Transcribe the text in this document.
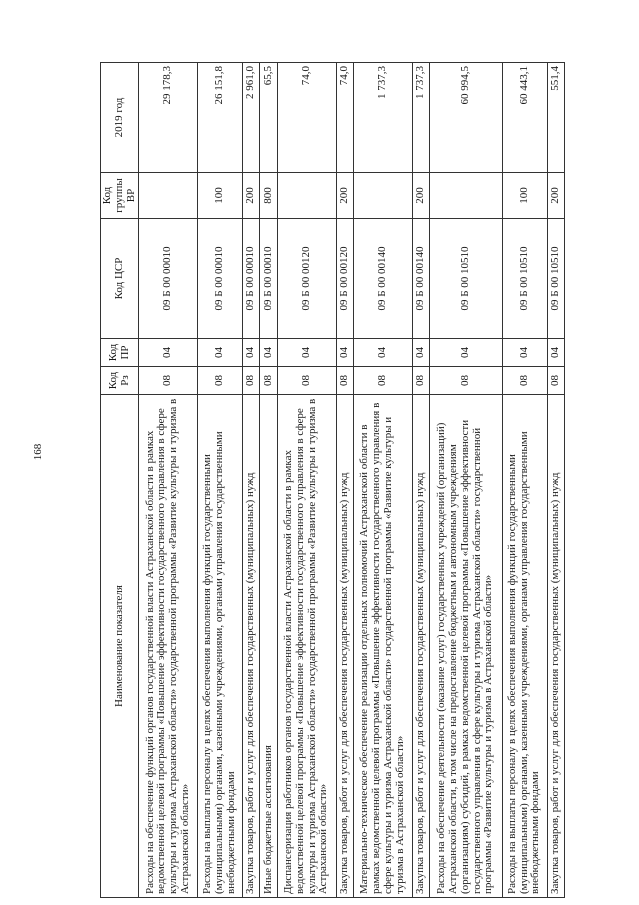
168
Наименование показателя	Код Рз	Код ПР	Код ЦСР	Код группы ВР	2019 год
Расходы на обеспечение функций органов государственной власти Астраханской области в рамках ведомственной целевой программы «Повышение эффективности государственного управления в сфере культуры и туризма Астраханской области» государственной программы «Развитие культуры и туризма в Астраханской области»	08	04	09 Б 00 00010		29 178,3
Расходы на выплаты персоналу в целях обеспечения выполнения функций государственными (муниципальными) органами, казенными учреждениями, органами управления государственными внебюджетными фондами	08	04	09 Б 00 00010	100	26 151,8
Закупка товаров, работ и услуг для обеспечения государственных (муниципальных) нужд	08	04	09 Б 00 00010	200	2 961,0
Иные бюджетные ассигнования	08	04	09 Б 00 00010	800	65,5
Диспансеризация работников органов государственной власти Астраханской области в рамках ведомственной целевой программы «Повышение эффективности государственного управления в сфере культуры и туризма Астраханской области» государственной программы «Развитие культуры и туризма в Астраханской области»	08	04	09 Б 00 00120		74,0
Закупка товаров, работ и услуг для обеспечения государственных (муниципальных) нужд	08	04	09 Б 00 00120	200	74,0
Материально-техническое обеспечение реализации отдельных полномочий Астраханской области в рамках ведомственной целевой программы «Повышение эффективности государственного управления в сфере культуры и туризма Астраханской области» государственной программы «Развитие культуры и туризма в Астраханской области»	08	04	09 Б 00 00140		1 737,3
Закупка товаров, работ и услуг для обеспечения государственных (муниципальных) нужд	08	04	09 Б 00 00140	200	1 737,3
Расходы на обеспечение деятельности (оказание услуг) государственных учреждений (организаций) Астраханской области, в том числе на предоставление бюджетным и автономным учреждениям (организациям) субсидий, в рамках ведомственной целевой программы «Повышение эффективности государственного управления в сфере культуры и туризма Астраханской области» государственной программы «Развитие культуры и туризма в Астраханской области»	08	04	09 Б 00 10510		60 994,5
Расходы на выплаты персоналу в целях обеспечения выполнения функций государственными (муниципальными) органами, казенными учреждениями, органами управления государственными внебюджетными фондами	08	04	09 Б 00 10510	100	60 443,1
Закупка товаров, работ и услуг для обеспечения государственных (муниципальных) нужд	08	04	09 Б 00 10510	200	551,4
